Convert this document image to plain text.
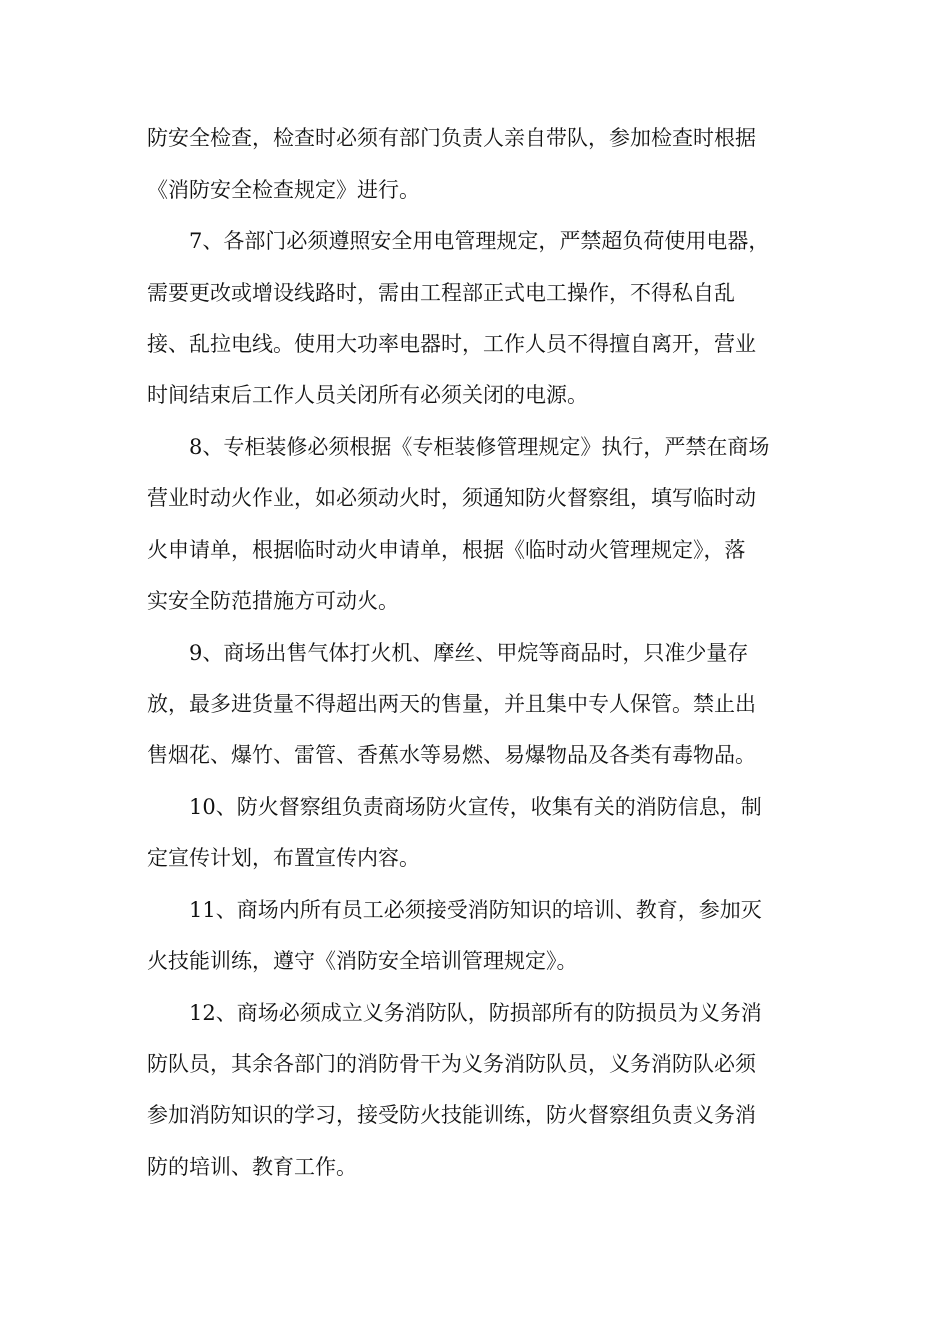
防安全检查，检查时必须有部门负责人亲自带队，参加检查时根据
《消防安全检查规定》进行。
7、各部门必须遵照安全用电管理规定，严禁超负荷使用电器，
需要更改或增设线路时，需由工程部正式电工操作，不得私自乱
接、乱拉电线。使用大功率电器时，工作人员不得擅自离开，营业
时间结束后工作人员关闭所有必须关闭的电源。
8、专柜装修必须根据《专柜装修管理规定》执行，严禁在商场
营业时动火作业，如必须动火时，须通知防火督察组，填写临时动
火申请单，根据临时动火申请单，根据《临时动火管理规定》，落
实安全防范措施方可动火。
9、商场出售气体打火机、摩丝、甲烷等商品时，只准少量存
放，最多进货量不得超出两天的售量，并且集中专人保管。禁止出
售烟花、爆竹、雷管、香蕉水等易燃、易爆物品及各类有毒物品。
10、防火督察组负责商场防火宣传，收集有关的消防信息，制
定宣传计划，布置宣传内容。
11、商场内所有员工必须接受消防知识的培训、教育，参加灭
火技能训练，遵守《消防安全培训管理规定》。
12、商场必须成立义务消防队，防损部所有的防损员为义务消
防队员，其余各部门的消防骨干为义务消防队员，义务消防队必须
参加消防知识的学习，接受防火技能训练，防火督察组负责义务消
防的培训、教育工作。
